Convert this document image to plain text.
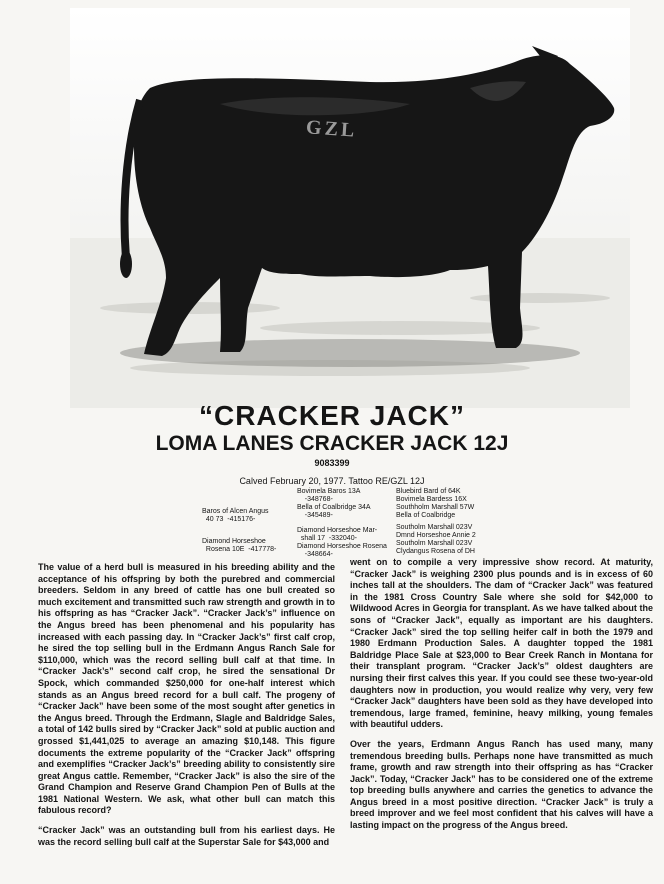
GZL
“CRACKER JACK”
LOMA LANES CRACKER JACK 12J
9083399
Calved February 20, 1977. Tattoo RE/GZL 12J
Baros of Alcen Angus
40 73  -415176-
Bovimela Baros 13A
-348768-
Bella of Coalbridge 34A
-345489-
Bluebird Bard of 64K
Bovimela Bardess 16X
Southholm Marshall 57W
Bella of Coalbridge
Diamond Horseshoe
Rosena 10E  -417778-
Diamond Horseshoe Mar-
shall 17  -332040-
Diamond Horseshoe Rosena
-348664-
Southolm Marshall 023V
Dmnd Horseshoe Annie 2
Southolm Marshall 023V
Clydangus Rosena of DH

The value of a herd bull is measured in his breeding ability and the acceptance of his offspring by both the purebred and commercial breeders. Seldom in any breed of cattle has one bull created so much excitement and transmitted such raw strength and growth in to his offspring as has “Cracker Jack”. “Cracker Jack’s” influence on the Angus breed has been phenomenal and his popularity has increased with each passing day. In “Cracker Jack’s” first calf crop, he sired the top selling bull in the Erdmann Angus Ranch Sale for $110,000, which was the record selling bull calf at that time. In “Cracker Jack’s” second calf crop, he sired the sensational Dr Spock, which commanded $250,000 for one-half interest which stands as an Angus breed record for a bull calf. The progeny of “Cracker Jack” have been some of the most sought after genetics in the Angus breed. Through the Erdmann, Slagle and Baldridge Sales, a total of 142 bulls sired by “Cracker Jack” sold at public auction and grossed $1,441,025 to average an amazing $10,148. This figure documents the extreme popularity of the “Cracker Jack” offspring and exemplifies “Cracker Jack’s” breeding ability to consistently sire great Angus cattle. Remember, “Cracker Jack” is also the sire of the Grand Champion and Reserve Grand Champion Pen of Bulls at the 1981 National Western. We ask, what other bull can match this fabulous record?

“Cracker Jack” was an outstanding bull from his earliest days. He was the record selling bull calf at the Superstar Sale for $43,000 and

went on to compile a very impressive show record. At maturity, “Cracker Jack” is weighing 2300 plus pounds and is in excess of 60 inches tall at the shoulders. The dam of “Cracker Jack” was featured in the 1981 Cross Country Sale where she sold for $42,000 to Wildwood Acres in Georgia for transplant. As we have talked about the sons of “Cracker Jack”, equally as important are his daughters. “Cracker Jack” sired the top selling heifer calf in both the 1979 and 1980 Erdmann Production Sales. A daughter topped the 1981 Baldridge Place Sale at $23,000 to Bear Creek Ranch in Montana for their transplant program. “Cracker Jack’s” oldest daughters are nursing their first calves this year. If you could see these two-year-old daughters now in production, you would realize why very, very few “Cracker Jack” daughters have been sold as they have developed into tremendous, large framed, feminine, heavy milking, young females with beautiful udders.

Over the years, Erdmann Angus Ranch has used many, many tremendous breeding bulls. Perhaps none have transmitted as much frame, growth and raw strength into their offspring as has “Cracker Jack”. Today, “Cracker Jack” has to be considered one of the extreme top breeding bulls anywhere and carries the genetics to advance the Angus breed in a most positive direction. “Cracker Jack” is truly a breed improver and we feel most confident that his calves will have a lasting impact on the progress of the Angus breed.
